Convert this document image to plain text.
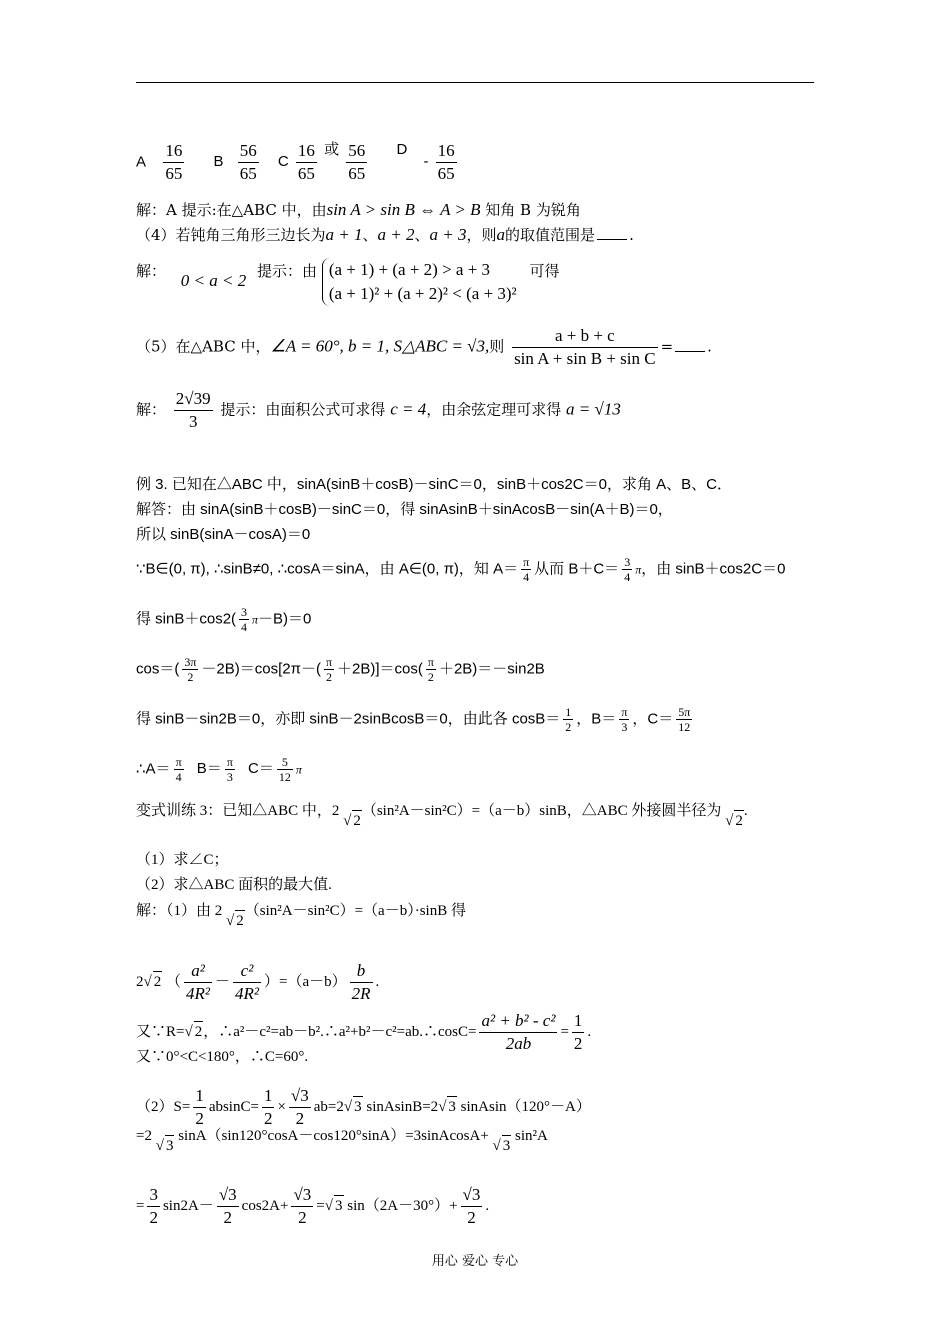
A $\frac{16}{65}$ B $\frac{56}{65}$ C $\frac{16}{65}$ 或 $\frac{56}{65}$ D - $\frac{16}{65}$
解：A 提示:在△ABC 中，由sin A > sin B ⇔ A > B 知角 B 为锐角
（4）若钝角三角形三边长为a + 1、a + 2、a + 3，则a的取值范围是 .
解： 0 < a < 2 提示：由 (a + 1) + (a + 2) > a + 3
(a + 1)² + (a + 2)² < (a + 3)²
可得
（5）在△ABC 中，∠A = 60°, b = 1, S△ABC = √3,则 $\frac{a + b + c}{\text{sin A + sin B + sin C}}$ = .
解： $\frac{2√39}{3}$ 提示：由面积公式可求得 c = 4，由余弦定理可求得 a = √13
例 3. 已知在△ABC 中，sinA(sinB＋cosB)－sinC＝0，sinB＋cos2C＝0，求角 A、B、C．
解答：由 sinA(sinB＋cosB)－sinC＝0，得 sinAsinB＋sinAcosB－sin(A＋B)＝0，
所以 sinB(sinA－cosA)＝0
∵B∈(0, π), ∴sinB≠0, ∴cosA＝sinA，由 A∈(0, π)，知 $A= \frac{\pi}{4}$ 从而 $B+C= \frac{3}{4}$ π，由 sinB＋cos2C＝0
得 $\sin B+\cos 2( \frac{3}{4} \pi-B)=0$
$\cos=( \frac{3\pi}{2} -2B)=\cos[2\pi-( \frac{\pi}{2} +2B)]=\cos( \frac{\pi}{2} +2B)=-\sin 2B$
得 sinB－sin2B＝0，亦即 sinB－2sinBcosB＝0，由此各 $\cos B= \frac{1}{2}$ ，$B= \frac{\pi}{3}$ ，$C= \frac{5\pi}{12}$
∴A＝ $\frac{\pi}{4} B= \frac{\pi}{3} C= \frac{5}{12}$ π
变式训练 3：已知△ABC 中，2 √ 2（sin²A－sin²C）=（a－b）sinB，△ABC 外接圆半径为 √ 2.
（1）求∠C；
（2）求△ABC 面积的最大值.
解：（1）由 2 √ 2（sin²A－sin²C）=（a－b）·sinB 得
2√ 2 （ $\frac{\text{a²}}{\text{4R²}} - \frac{\text{c²}}{\text{4R²}} )=(a-b) \frac{b}{2R}$ .
又∵R=√ 2，∴a²－c²=ab－b².∴a²+b²－c²=ab.∴cosC= $\frac{\text{a² + b² - c²}}{2ab} = \frac{1}{2}$ .
又∵0°<C<180°，∴C=60°.
$(2)S= \frac{1}{2} absinC= \frac{1}{2} \times \frac{√3}{2} ab=2√$ 3 sinAsinB=2√ 3 sinAsin（120°－A）
=2 √ 3 sinA（sin120°cosA－cos120°sinA）=3sinAcosA+ √ 3 sin²A
= $\frac{3}{2} \sin 2A- \frac{√3}{2} \cos 2A+ \frac{√3}{2}$ =√ 3 $\sin(2A-30^\circ)+ \frac{√3}{2}$ .
用心 爱心 专心
